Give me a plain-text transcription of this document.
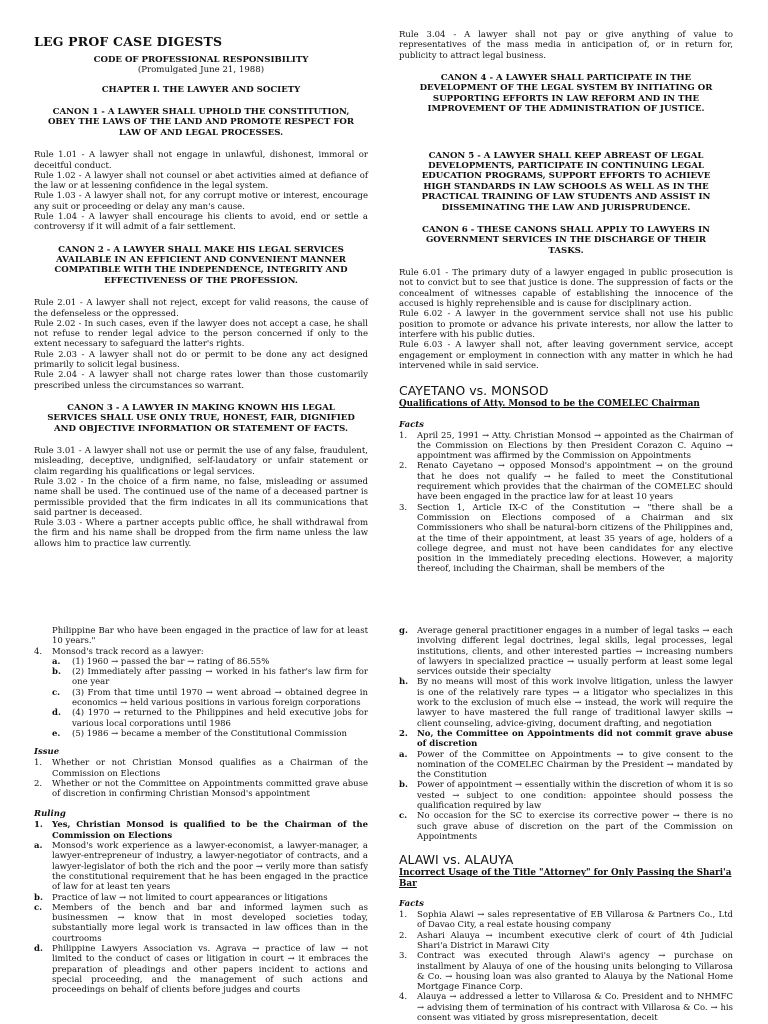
LEG PROF CASE DIGESTS

CODE OF PROFESSIONAL RESPONSIBILITY

(Promulgated June 21, 1988)

CHAPTER I. THE LAWYER AND SOCIETY

CANON 1 - A LAWYER SHALL UPHOLD THE CONSTITUTION, OBEY THE LAWS OF THE LAND AND PROMOTE RESPECT FOR LAW OF AND LEGAL PROCESSES.

Rule 1.01 - A lawyer shall not engage in unlawful, dishonest, immoral or deceitful conduct.

Rule 1.02 - A lawyer shall not counsel or abet activities aimed at defiance of the law or at lessening confidence in the legal system.

Rule 1.03 - A lawyer shall not, for any corrupt motive or interest, encourage any suit or proceeding or delay any man's cause.

Rule 1.04 - A lawyer shall encourage his clients to avoid, end or settle a controversy if it will admit of a fair settlement.

CANON 2 - A LAWYER SHALL MAKE HIS LEGAL SERVICES AVAILABLE IN AN EFFICIENT AND CONVENIENT MANNER COMPATIBLE WITH THE INDEPENDENCE, INTEGRITY AND EFFECTIVENESS OF THE PROFESSION.

Rule 2.01 - A lawyer shall not reject, except for valid reasons, the cause of the defenseless or the oppressed.

Rule 2.02 - In such cases, even if the lawyer does not accept a case, he shall not refuse to render legal advice to the person concerned if only to the extent necessary to safeguard the latter's rights.

Rule 2.03 - A lawyer shall not do or permit to be done any act designed primarily to solicit legal business.

Rule 2.04 - A lawyer shall not charge rates lower than those customarily prescribed unless the circumstances so warrant.

CANON 3 - A LAWYER IN MAKING KNOWN HIS LEGAL SERVICES SHALL USE ONLY TRUE, HONEST, FAIR, DIGNIFIED AND OBJECTIVE INFORMATION OR STATEMENT OF FACTS.

Rule 3.01 - A lawyer shall not use or permit the use of any false, fraudulent, misleading, deceptive, undignified, self-laudatory or unfair statement or claim regarding his qualifications or legal services.

Rule 3.02 - In the choice of a firm name, no false, misleading or assumed name shall be used. The continued use of the name of a deceased partner is permissible provided that the firm indicates in all its communications that said partner is deceased.

Rule 3.03 - Where a partner accepts public office, he shall withdrawal from the firm and his name shall be dropped from the firm name unless the law allows him to practice law currently.

Rule 3.04 - A lawyer shall not pay or give anything of value to representatives of the mass media in anticipation of, or in return for, publicity to attract legal business.

CANON 4 - A LAWYER SHALL PARTICIPATE IN THE DEVELOPMENT OF THE LEGAL SYSTEM BY INITIATING OR SUPPORTING EFFORTS IN LAW REFORM AND IN THE IMPROVEMENT OF THE ADMINISTRATION OF JUSTICE.

CANON 5 - A LAWYER SHALL KEEP ABREAST OF LEGAL DEVELOPMENTS, PARTICIPATE IN CONTINUING LEGAL EDUCATION PROGRAMS, SUPPORT EFFORTS TO ACHIEVE HIGH STANDARDS IN LAW SCHOOLS AS WELL AS IN THE PRACTICAL TRAINING OF LAW STUDENTS AND ASSIST IN DISSEMINATING THE LAW AND JURISPRUDENCE.

CANON 6 - THESE CANONS SHALL APPLY TO LAWYERS IN GOVERNMENT SERVICES IN THE DISCHARGE OF THEIR TASKS.

Rule 6.01 - The primary duty of a lawyer engaged in public prosecution is not to convict but to see that justice is done. The suppression of facts or the concealment of witnesses capable of establishing the innocence of the accused is highly reprehensible and is cause for disciplinary action.

Rule 6.02 - A lawyer in the government service shall not use his public position to promote or advance his private interests, nor allow the latter to interfere with his public duties.

Rule 6.03 - A lawyer shall not, after leaving government service, accept engagement or employment in connection with any matter in which he had intervened while in said service.

CAYETANO vs. MONSOD

Qualifications of Atty. Monsod to be the COMELEC Chairman

Facts

1.	April 25, 1991 → Atty. Christian Monsod → appointed as the Chairman of the Commission on Elections by then President Corazon C. Aquino → appointment was affirmed by the Commission on Appointments
2.	Renato Cayetano → opposed Monsod's appointment → on the ground that he does not qualify → he failed to meet the Constitutional requirement which provides that the chairman of the COMELEC should have been engaged in the practice law for at least 10 years
3.	Section 1, Article IX-C of the Constitution → "there shall be a Commission on Elections composed of a Chairman and six Commissioners who shall be natural-born citizens of the Philippines and, at the time of their appointment, at least 35 years of age, holders of a college degree, and must not have been candidates for any elective position in the immediately preceding elections. However, a majority thereof, including the Chairman, shall be members of the
Philippine Bar who have been engaged in the practice of law for at least 10 years."
4.	Monsod's track record as a lawyer:
a.	(1) 1960 → passed the bar → rating of 86.55%
b.	(2) Immediately after passing → worked in his father's law firm for one year
c.	(3) From that time until 1970 → went abroad → obtained degree in economics → held various positions in various foreign corporations
d.	(4) 1970 → returned to the Philippines and held executive jobs for various local corporations until 1986
e.	(5) 1986 → became a member of the Constitutional Commission

Issue

1.	Whether or not Christian Monsod qualifies as a Chairman of the Commission on Elections
2.	Whether or not the Committee on Appointments committed grave abuse of discretion in confirming Christian Monsod's appointment

Ruling

1.	Yes, Christian Monsod is qualified to be the Chairman of the Commission on Elections
a.	Monsod's work experience as a lawyer-economist, a lawyer-manager, a lawyer-entrepreneur of industry, a lawyer-negotiator of contracts, and a lawyer-legislator of both the rich and the poor → verily more than satisfy the constitutional requirement that he has been engaged in the practice of law for at least ten years
b.	Practice of law → not limited to court appearances or litigations
c.	Members of the bench and bar and informed laymen such as businessmen → know that in most developed societies today, substantially more legal work is transacted in law offices than in the courtrooms
d.	Philippine Lawyers Association vs. Agrava → practice of law → not limited to the conduct of cases or litigation in court → it embraces the preparation of pleadings and other papers incident to actions and special proceeding, and the management of such actions and proceedings on behalf of clients before judges and courts
g.	Average general practitioner engages in a number of legal tasks → each involving different legal doctrines, legal skills, legal processes, legal institutions, clients, and other interested parties → increasing numbers of lawyers in specialized practice → usually perform at least some legal services outside their specialty
h.	By no means will most of this work involve litigation, unless the lawyer is one of the relatively rare types → a litigator who specializes in this work to the exclusion of much else → instead, the work will require the lawyer to have mastered the full range of traditional lawyer skills → client counseling, advice-giving, document drafting, and negotiation
2.	No, the Committee on Appointments did not commit grave abuse of discretion
a.	Power of the Committee on Appointments → to give consent to the nomination of the COMELEC Chairman by the President → mandated by the Constitution
b.	Power of appointment → essentially within the discretion of whom it is so vested → subject to one condition: appointee should possess the qualification required by law
c.	No occasion for the SC to exercise its corrective power → there is no such grave abuse of discretion on the part of the Commission on Appointments

ALAWI vs. ALAUYA

Incorrect Usage of the Title "Attorney" for Only Passing the Shari'a Bar

Facts

1.	Sophia Alawi → sales representative of EB Villarosa & Partners Co., Ltd of Davao City, a real estate housing company
2.	Ashari Alauya → incumbent executive clerk of court of 4th Judicial Shari'a District in Marawi City
3.	Contract was executed through Alawi's agency → purchase on installment by Alauya of one of the housing units belonging to Villarosa & Co. → housing loan was also granted to Alauya by the National Home Mortgage Finance Corp.
4.	Alauya → addressed a letter to Villarosa & Co. President and to NHMFC → advising them of termination of his contract with Villarosa & Co. → his consent was vitiated by gross misrepresentation, deceit
